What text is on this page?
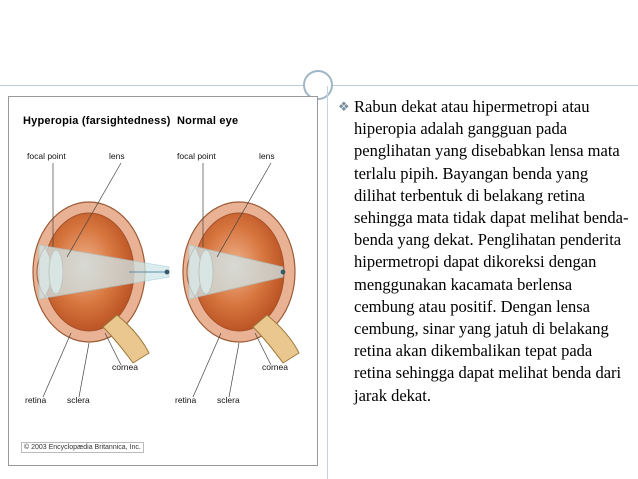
Hyperopia (farsightedness) Normal eye
focal point	lens
cornea
retina sclera
focal point	lens
cornea
retina sclera
© 2003 Encyclopædia Britannica, Inc.
❖ Rabun dekat atau hipermetropi atau hiperopia adalah gangguan pada penglihatan yang disebabkan lensa mata terlalu pipih. Bayangan benda yang dilihat terbentuk di belakang retina sehingga mata tidak dapat melihat benda-benda yang dekat. Penglihatan penderita hipermetropi dapat dikoreksi dengan menggunakan kacamata berlensa cembung atau positif. Dengan lensa cembung, sinar yang jatuh di belakang retina akan dikembalikan tepat pada retina sehingga dapat melihat benda dari jarak dekat.
